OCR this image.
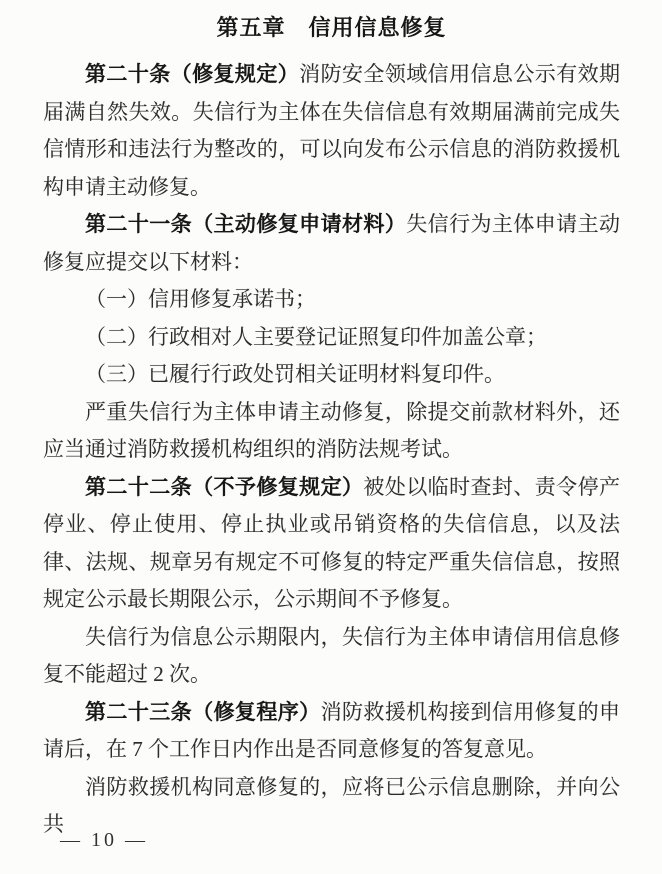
第五章　信用信息修复

第二十条（修复规定）消防安全领域信用信息公示有效期届满自然失效。失信行为主体在失信信息有效期届满前完成失信情形和违法行为整改的，可以向发布公示信息的消防救援机构申请主动修复。

第二十一条（主动修复申请材料）失信行为主体申请主动修复应提交以下材料：

（一）信用修复承诺书；

（二）行政相对人主要登记证照复印件加盖公章；

（三）已履行行政处罚相关证明材料复印件。

严重失信行为主体申请主动修复，除提交前款材料外，还应当通过消防救援机构组织的消防法规考试。

第二十二条（不予修复规定）被处以临时查封、责令停产停业、停止使用、停止执业或吊销资格的失信信息，以及法律、法规、规章另有规定不可修复的特定严重失信信息，按照规定公示最长期限公示，公示期间不予修复。

失信行为信息公示期限内，失信行为主体申请信用信息修复不能超过 2 次。

第二十三条（修复程序）消防救援机构接到信用修复的申请后，在 7 个工作日内作出是否同意修复的答复意见。

消防救援机构同意修复的，应将已公示信息删除，并向公共

— 10 —
